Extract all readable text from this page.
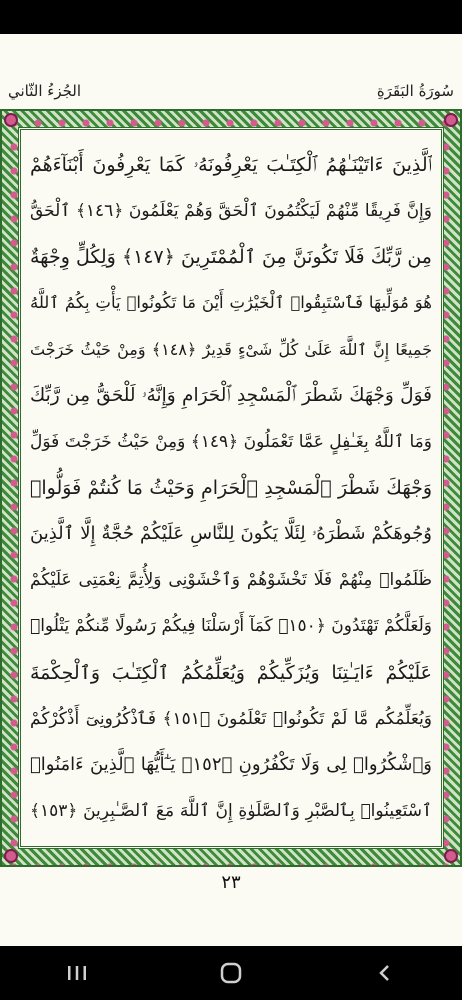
الجُزءُ الثّاني	سُورَةُ البَقَرَةِ
ٱلَّذِينَ ءَاتَيْنَـٰهُمُ ٱلْكِتَـٰبَ يَعْرِفُونَهُۥ كَمَا يَعْرِفُونَ أَبْنَآءَهُمْ
وَإِنَّ فَرِيقًا مِّنْهُمْ لَيَكْتُمُونَ ٱلْحَقَّ وَهُمْ يَعْلَمُونَ ﴿١٤٦﴾ ٱلْحَقُّ
مِن رَّبِّكَ فَلَا تَكُونَنَّ مِنَ ٱلْمُمْتَرِينَ ﴿١٤٧﴾ وَلِكُلٍّ وِجْهَةٌ
هُوَ مُوَلِّيهَا فَٱسْتَبِقُوا۟ ٱلْخَيْرَٰتِ أَيْنَ مَا تَكُونُوا۟ يَأْتِ بِكُمُ ٱللَّهُ
جَمِيعًا إِنَّ ٱللَّهَ عَلَىٰ كُلِّ شَىْءٍ قَدِيرٌ ﴿١٤٨﴾ وَمِنْ حَيْثُ خَرَجْتَ
فَوَلِّ وَجْهَكَ شَطْرَ ٱلْمَسْجِدِ ٱلْحَرَامِ وَإِنَّهُۥ لَلْحَقُّ مِن رَّبِّكَ
وَمَا ٱللَّهُ بِغَـٰفِلٍ عَمَّا تَعْمَلُونَ ﴿١٤٩﴾ وَمِنْ حَيْثُ خَرَجْتَ فَوَلِّ
وَجْهَكَ شَطْرَ ٱلْمَسْجِدِ ٱلْحَرَامِ وَحَيْثُ مَا كُنتُمْ فَوَلُّوا۟
وُجُوهَكُمْ شَطْرَهُۥ لِئَلَّا يَكُونَ لِلنَّاسِ عَلَيْكُمْ حُجَّةٌ إِلَّا ٱلَّذِينَ
ظَلَمُوا۟ مِنْهُمْ فَلَا تَخْشَوْهُمْ وَٱخْشَوْنِى وَلِأُتِمَّ نِعْمَتِى عَلَيْكُمْ
وَلَعَلَّكُمْ تَهْتَدُونَ ﴿١٥٠﴾ كَمَآ أَرْسَلْنَا فِيكُمْ رَسُولًا مِّنكُمْ يَتْلُوا۟
عَلَيْكُمْ ءَايَـٰتِنَا وَيُزَكِّيكُمْ وَيُعَلِّمُكُمُ ٱلْكِتَـٰبَ وَٱلْحِكْمَةَ
وَيُعَلِّمُكُم مَّا لَمْ تَكُونُوا۟ تَعْلَمُونَ ﴿١٥١﴾ فَٱذْكُرُونِىٓ أَذْكُرْكُمْ
وَٱشْكُرُوا۟ لِى وَلَا تَكْفُرُونِ ﴿١٥٢﴾ يَـٰٓأَيُّهَا ٱلَّذِينَ ءَامَنُوا۟
ٱسْتَعِينُوا۟ بِٱلصَّبْرِ وَٱلصَّلَوٰةِ إِنَّ ٱللَّهَ مَعَ ٱلصَّـٰبِرِينَ ﴿١٥٣﴾
٢٣
